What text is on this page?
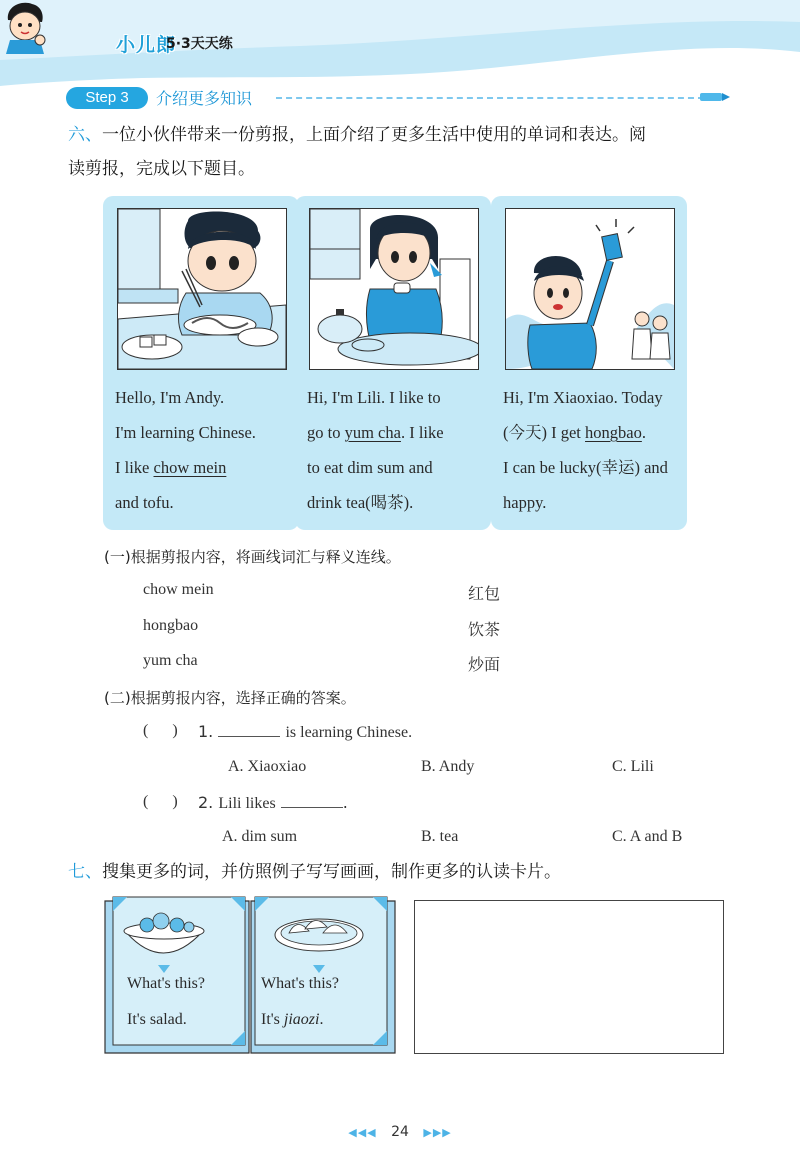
小儿郎
5·3天天练
Step 3	介绍更多知识
六、一位小伙伴带来一份剪报，上面介绍了更多生活中使用的单词和表达。阅
读剪报，完成以下题目。
Hello, I'm Andy.
I'm learning Chinese.
I like chow mein
and tofu.
Hi, I'm Lili. I like to
go to yum cha. I like
to eat dim sum and
drink tea(喝茶).
Hi, I'm Xiaoxiao. Today
(今天) I get hongbao.
I can be lucky(幸运) and
happy.
(一)根据剪报内容，将画线词汇与释义连线。
chow mein
hongbao
yum cha
红包
饮茶
炒面
(二)根据剪报内容，选择正确的答案。
(      ) 1.	is learning Chinese.
A. Xiaoxiao	B. Andy	C. Lili
(      ) 2. Lili likes	.
A. dim sum	B. tea	C. A and B
七、搜集更多的词，并仿照例子写写画画，制作更多的认读卡片。
What's this?
It's salad.
What's this?
It's jiaozi.
◀◀◀ 24 ▶▶▶
